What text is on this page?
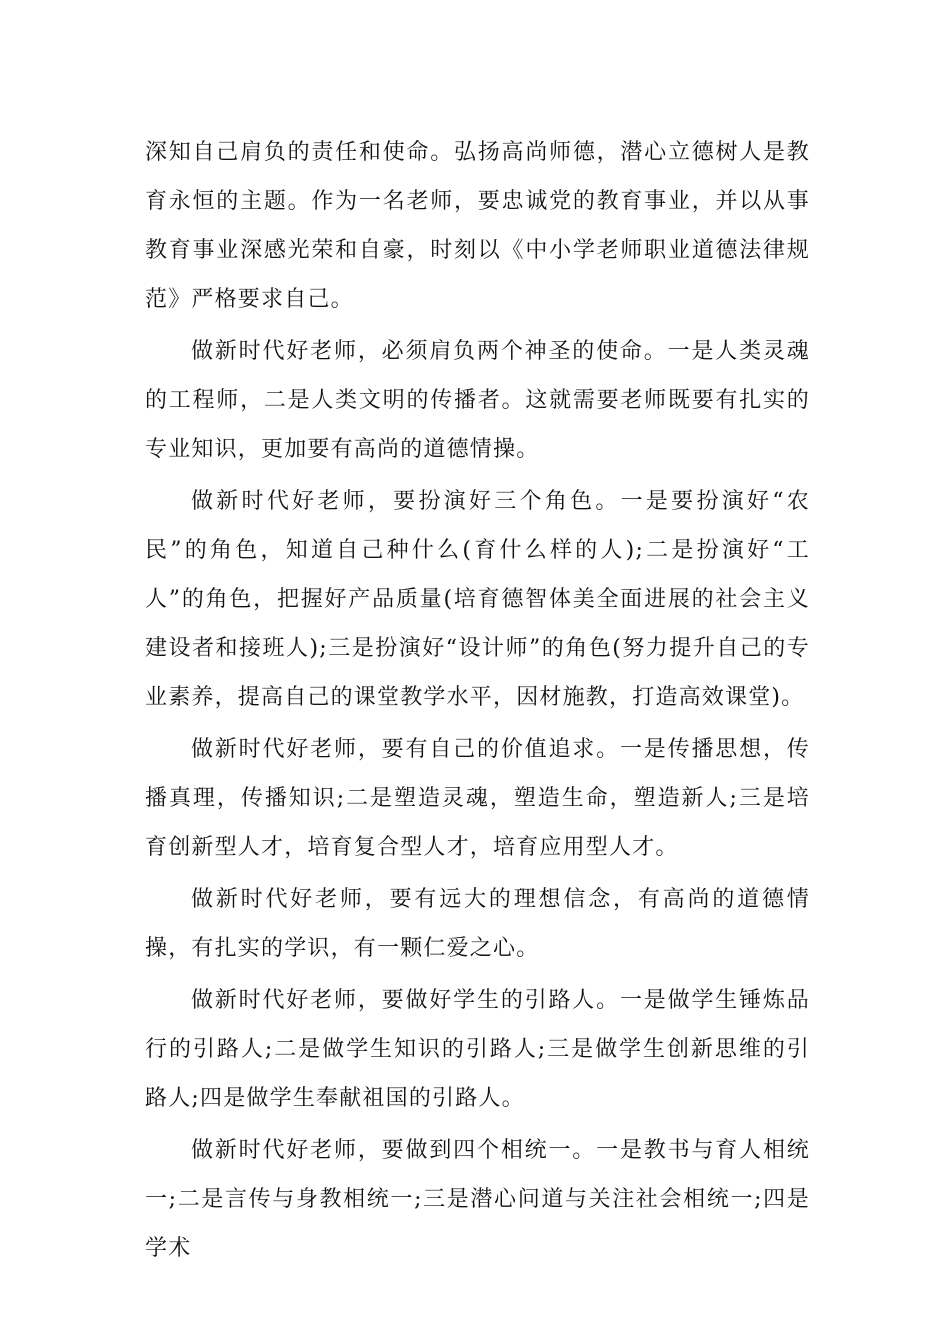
深知自己肩负的责任和使命。弘扬高尚师德，潜心立德树人是教育永恒的主题。作为一名老师，要忠诚党的教育事业，并以从事教育事业深感光荣和自豪，时刻以《中小学老师职业道德法律规范》严格要求自己。

做新时代好老师，必须肩负两个神圣的使命。一是人类灵魂的工程师，二是人类文明的传播者。这就需要老师既要有扎实的专业知识，更加要有高尚的道德情操。

做新时代好老师，要扮演好三个角色。一是要扮演好“农民”的角色，知道自己种什么(育什么样的人);二是扮演好“工人”的角色，把握好产品质量(培育德智体美全面进展的社会主义建设者和接班人);三是扮演好“设计师”的角色(努力提升自己的专业素养，提高自己的课堂教学水平，因材施教，打造高效课堂)。

做新时代好老师，要有自己的价值追求。一是传播思想，传播真理，传播知识;二是塑造灵魂，塑造生命，塑造新人;三是培育创新型人才，培育复合型人才，培育应用型人才。

做新时代好老师，要有远大的理想信念，有高尚的道德情操，有扎实的学识，有一颗仁爱之心。

做新时代好老师，要做好学生的引路人。一是做学生锤炼品行的引路人;二是做学生知识的引路人;三是做学生创新思维的引路人;四是做学生奉献祖国的引路人。

做新时代好老师，要做到四个相统一。一是教书与育人相统一;二是言传与身教相统一;三是潜心问道与关注社会相统一;四是学术
